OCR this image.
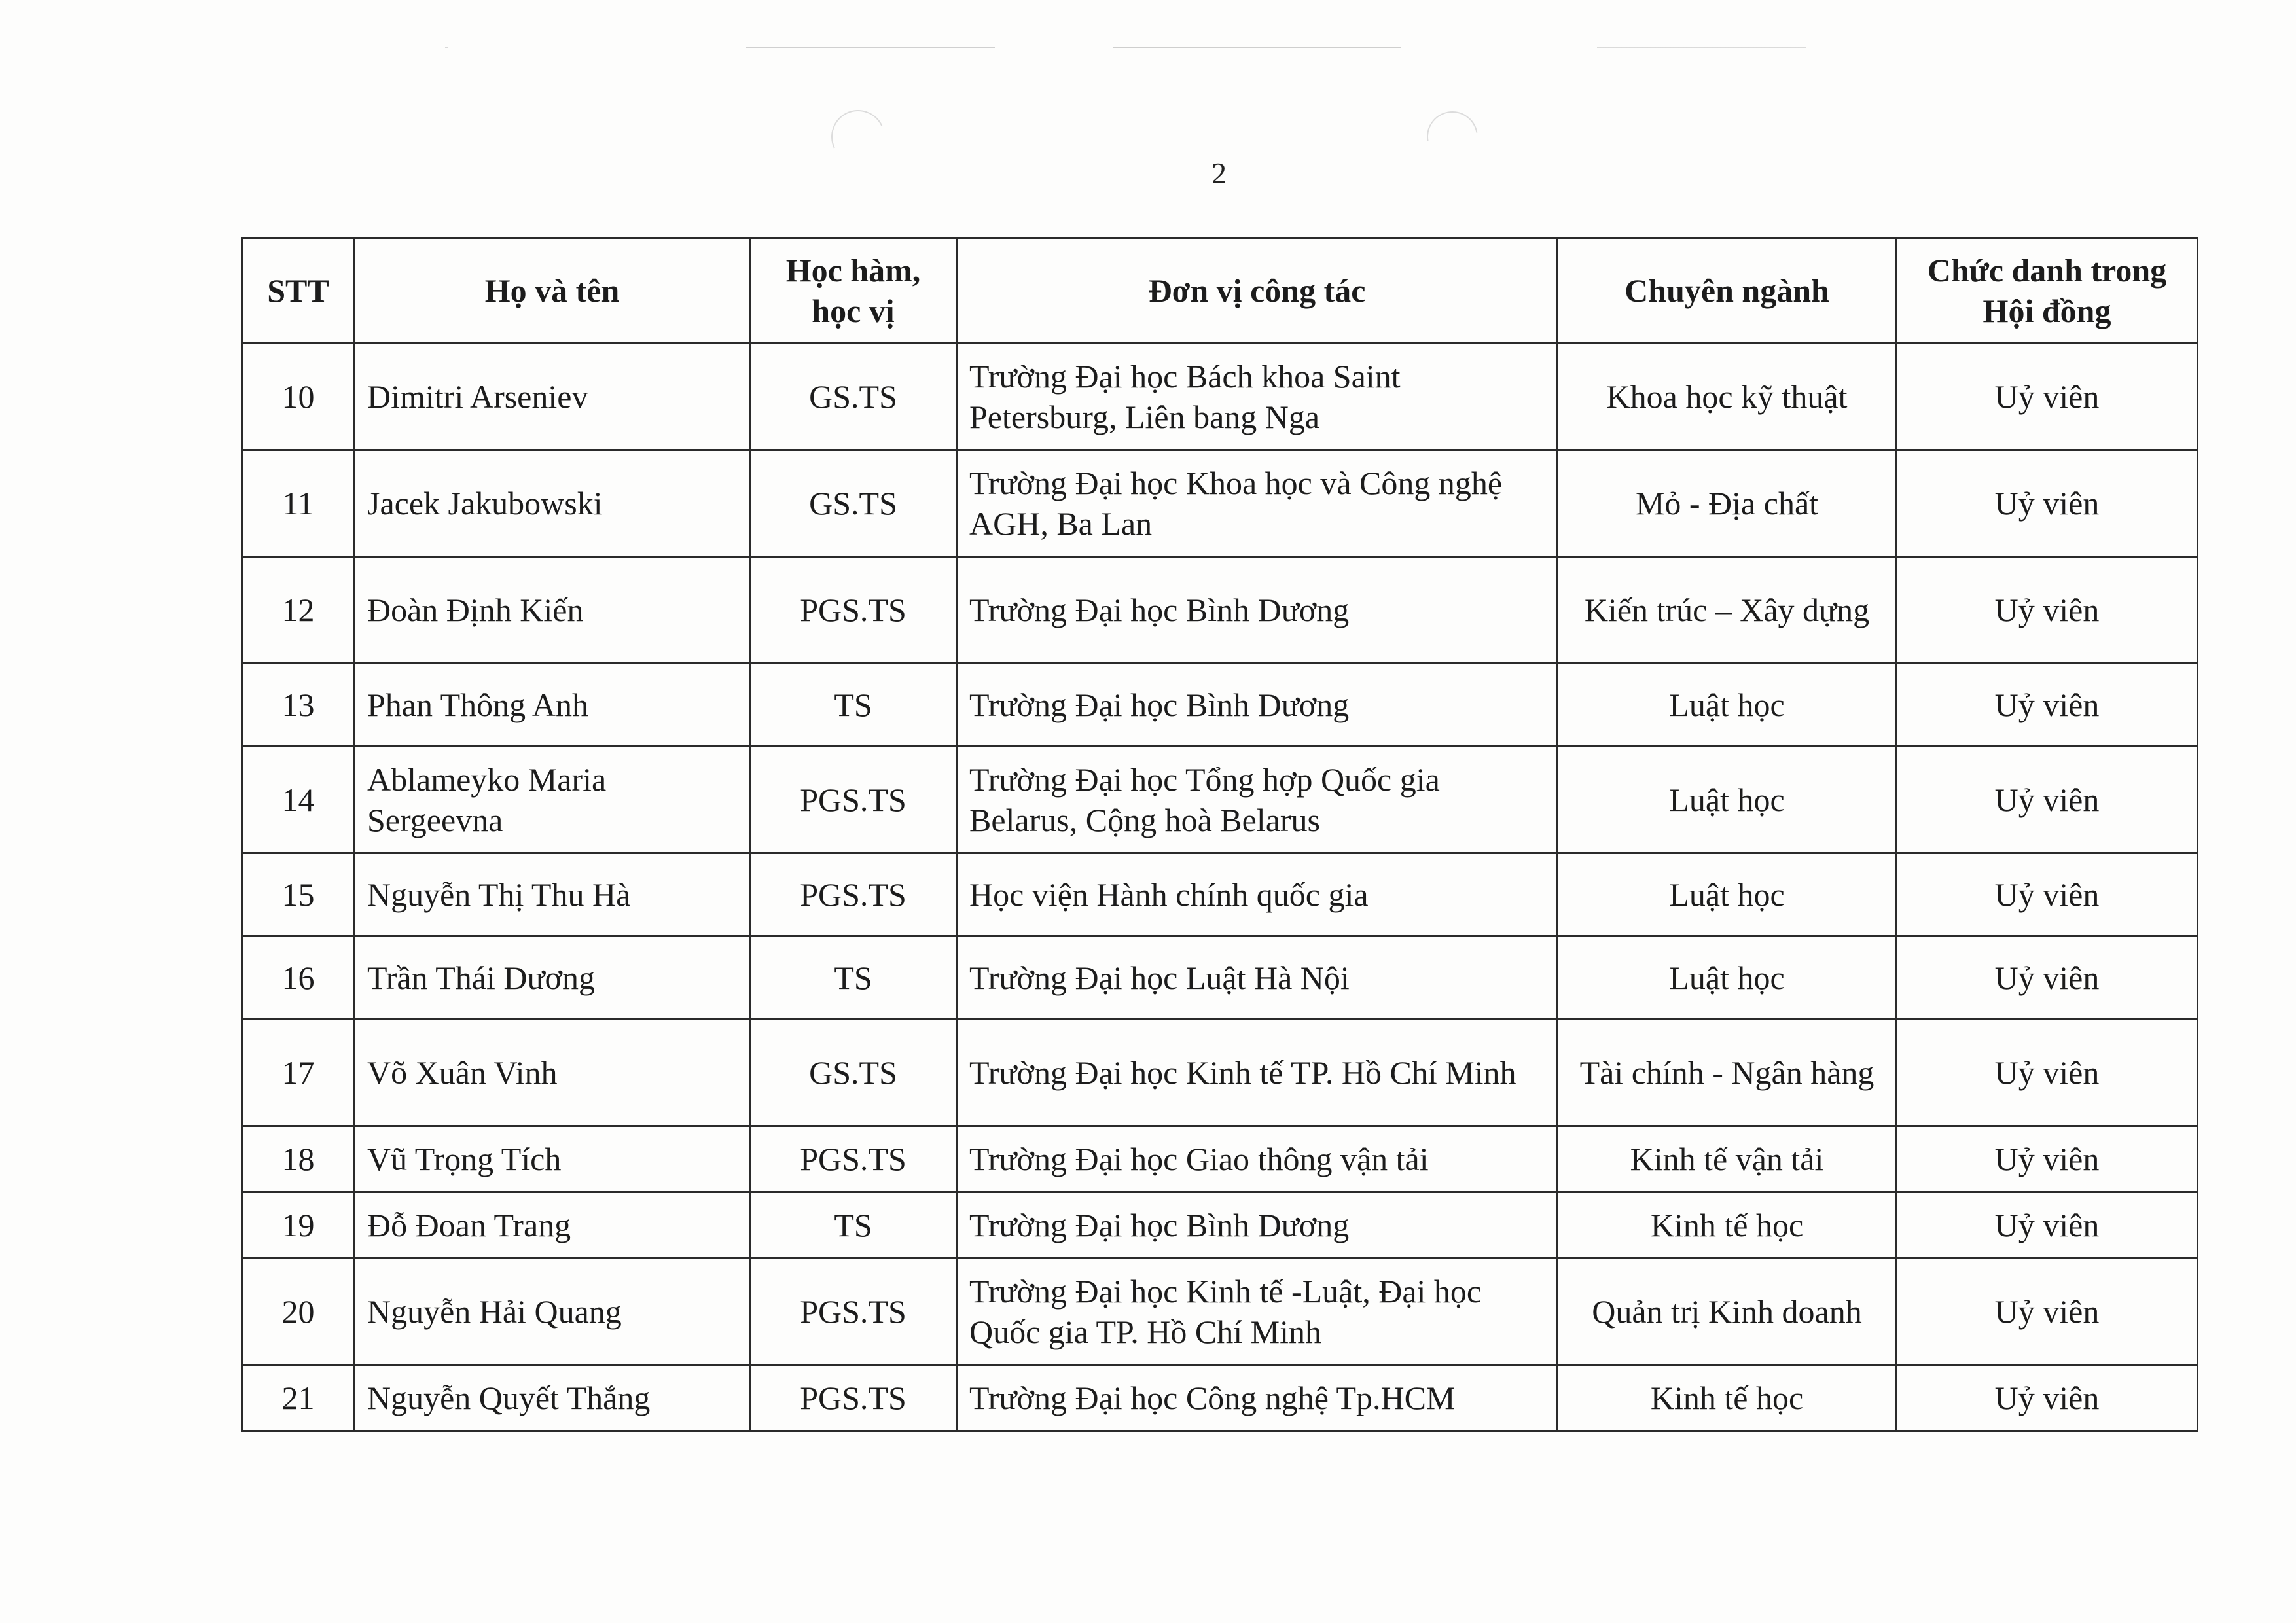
2
STT	Họ và tên	Học hàm, học vị	Đơn vị công tác	Chuyên ngành	Chức danh trong Hội đồng
10	Dimitri Arseniev	GS.TS	Trường Đại học Bách khoa Saint Petersburg, Liên bang Nga	Khoa học kỹ thuật	Uỷ viên
11	Jacek Jakubowski	GS.TS	Trường Đại học Khoa học và Công nghệ AGH, Ba Lan	Mỏ - Địa chất	Uỷ viên
12	Đoàn Định Kiến	PGS.TS	Trường Đại học Bình Dương	Kiến trúc – Xây dựng	Uỷ viên
13	Phan Thông Anh	TS	Trường Đại học Bình Dương	Luật học	Uỷ viên
14	Ablameyko Maria Sergeevna	PGS.TS	Trường Đại học Tổng hợp Quốc gia Belarus, Cộng hoà Belarus	Luật học	Uỷ viên
15	Nguyễn Thị Thu Hà	PGS.TS	Học viện Hành chính quốc gia	Luật học	Uỷ viên
16	Trần Thái Dương	TS	Trường Đại học Luật Hà Nội	Luật học	Uỷ viên
17	Võ Xuân Vinh	GS.TS	Trường Đại học Kinh tế TP. Hồ Chí Minh	Tài chính - Ngân hàng	Uỷ viên
18	Vũ Trọng Tích	PGS.TS	Trường Đại học Giao thông vận tải	Kinh tế vận tải	Uỷ viên
19	Đỗ Đoan Trang	TS	Trường Đại học Bình Dương	Kinh tế học	Uỷ viên
20	Nguyễn Hải Quang	PGS.TS	Trường Đại học Kinh tế -Luật, Đại học Quốc gia TP. Hồ Chí Minh	Quản trị Kinh doanh	Uỷ viên
21	Nguyễn Quyết Thắng	PGS.TS	Trường Đại học Công nghệ Tp.HCM	Kinh tế học	Uỷ viên
